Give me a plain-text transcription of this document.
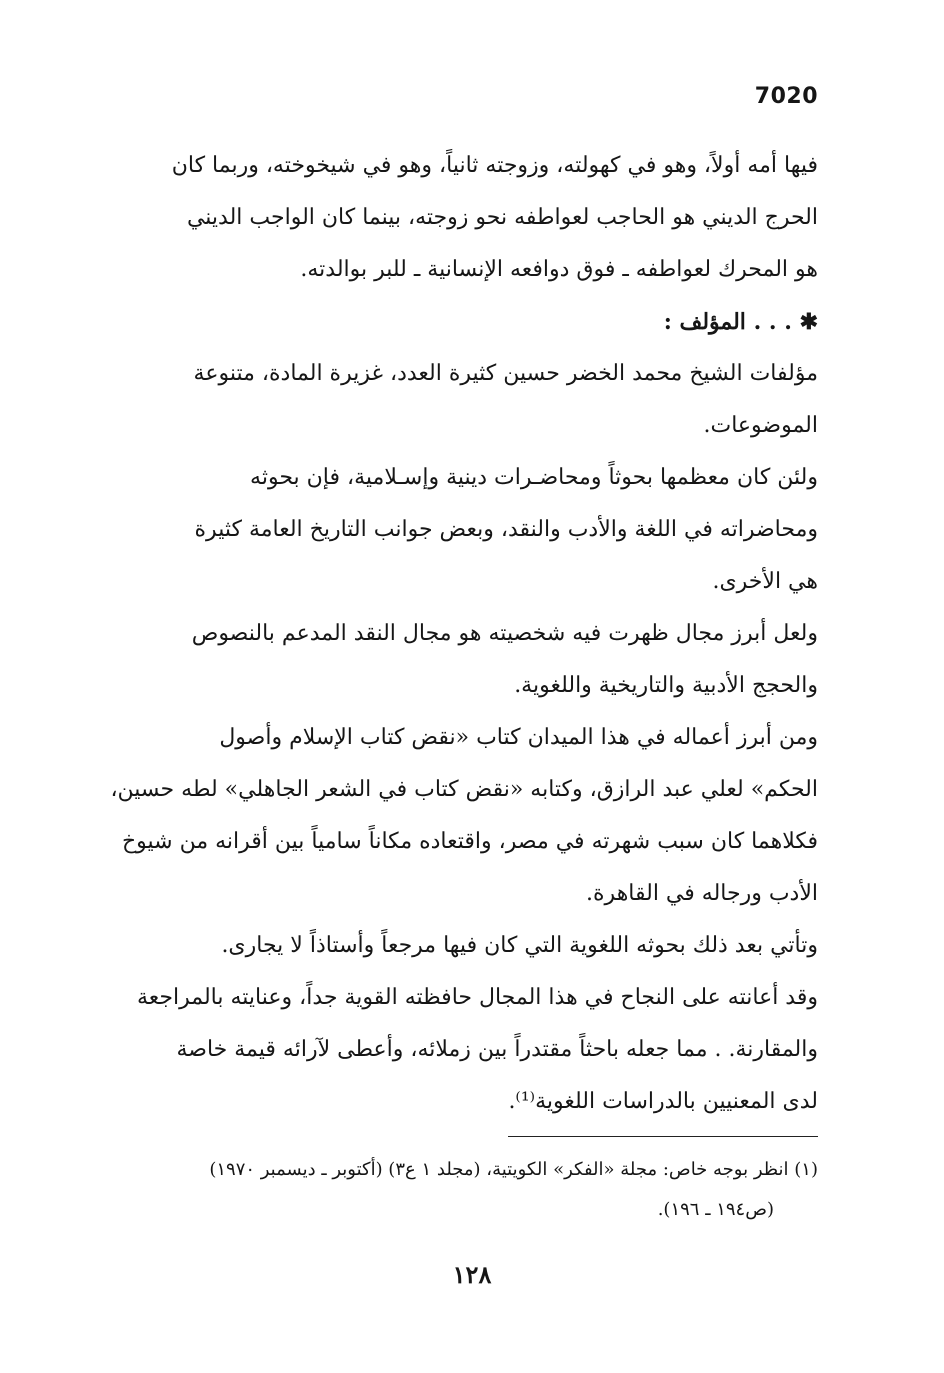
7020
فيها أمه أولاً، وهو في كهولته، وزوجته ثانياً، وهو في شيخوخته، وربما كان
الحرج الديني هو الحاجب لعواطفه نحو زوجته، بينما كان الواجب الديني
هو المحرك لعواطفه ـ فوق دوافعه الإنسانية ـ للبر بوالدته.
✱ . . . المؤلف :
مؤلفات الشيخ محمد الخضر حسين كثيرة العدد، غزيرة المادة، متنوعة
الموضوعات.
ولئن كان معظمها بحوثاً ومحاضـرات دينية وإسـلامية، فإن بحوثه
ومحاضراته في اللغة والأدب والنقد، وبعض جوانب التاريخ العامة كثيرة
هي الأخرى.
ولعل أبرز مجال ظهرت فيه شخصيته هو مجال النقد المدعم بالنصوص
والحجج الأدبية والتاريخية واللغوية.
ومن أبرز أعماله في هذا الميدان كتاب «نقض كتاب الإسلام وأصول
الحكم» لعلي عبد الرازق، وكتابه «نقض كتاب في الشعر الجاهلي» لطه حسين،
فكلاهما كان سبب شهرته في مصر، واقتعاده مكاناً سامياً بين أقرانه من شيوخ
الأدب ورجاله في القاهرة.
وتأتي بعد ذلك بحوثه اللغوية التي كان فيها مرجعاً وأستاذاً لا يجارى.
وقد أعانته على النجاح في هذا المجال حافظته القوية جداً، وعنايته بالمراجعة
والمقارنة. . مما جعله باحثاً مقتدراً بين زملائه، وأعطى لآرائه قيمة خاصة
لدى المعنيين بالدراسات اللغوية⁽¹⁾.
(١) انظر بوجه خاص: مجلة «الفكر» الكويتية، (مجلد ١ ع٣) (أكتوبر ـ ديسمبر ١٩٧٠)
(ص١٩٤ ـ ١٩٦).
١٢٨
